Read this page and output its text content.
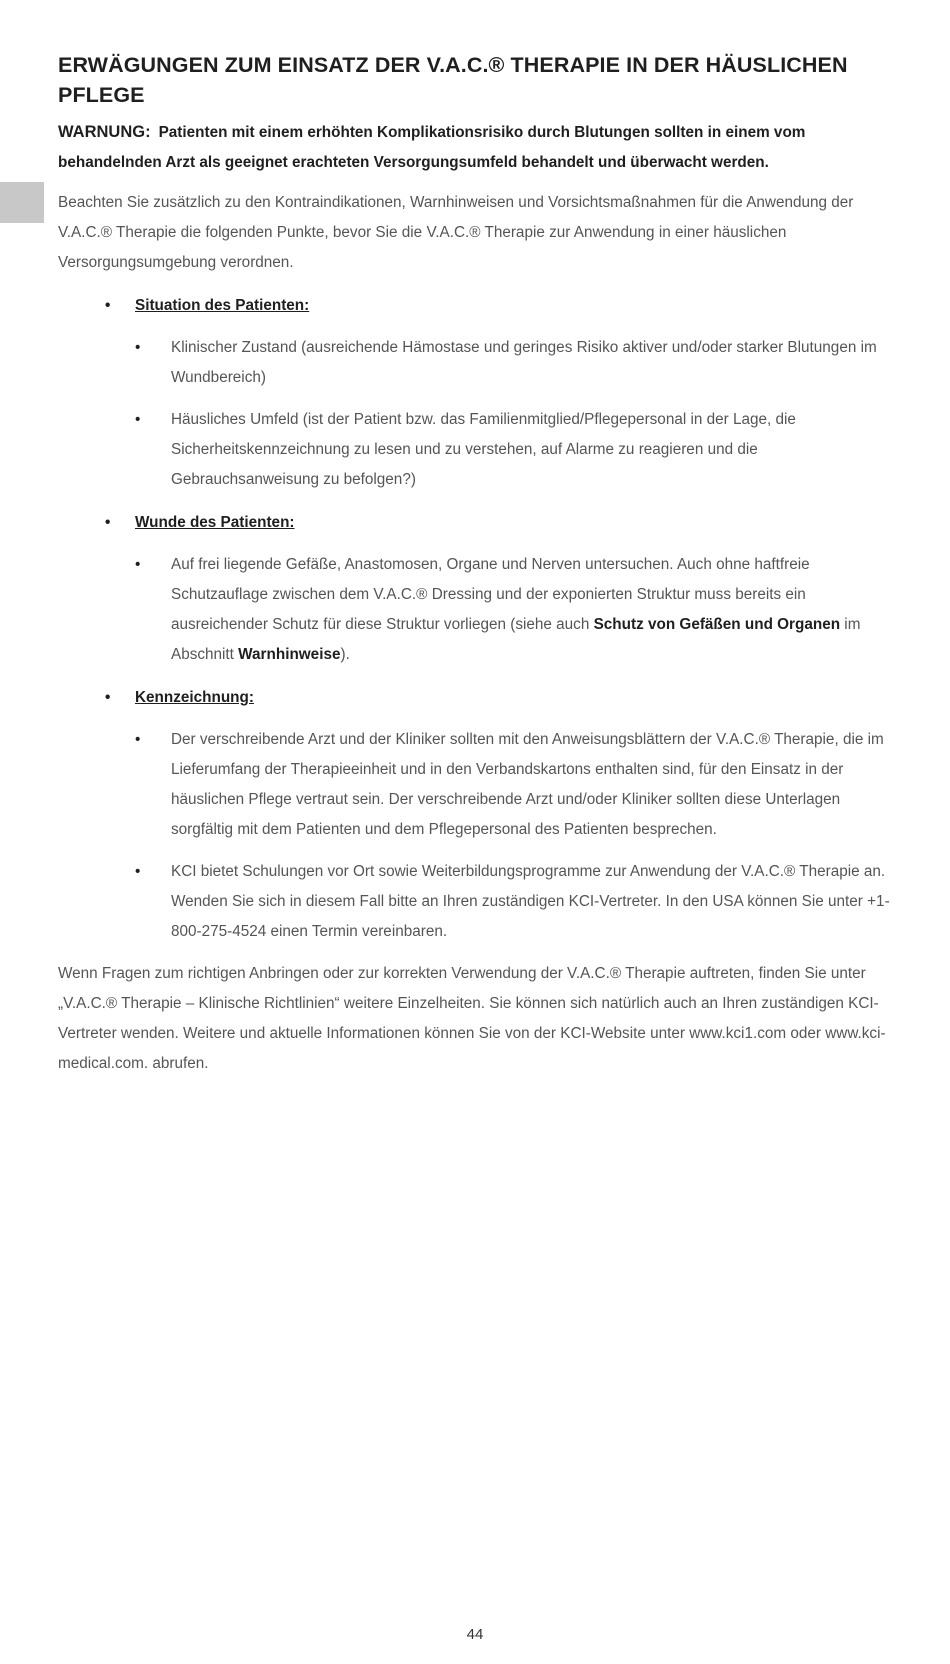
ERWÄGUNGEN ZUM EINSATZ DER V.A.C.® THERAPIE IN DER HÄUSLICHEN PFLEGE
WARNUNG: Patienten mit einem erhöhten Komplikationsrisiko durch Blutungen sollten in einem vom behandelnden Arzt als geeignet erachteten Versorgungsumfeld behandelt und überwacht werden.

Beachten Sie zusätzlich zu den Kontraindikationen, Warnhinweisen und Vorsichtsmaßnahmen für die Anwendung der V.A.C.® Therapie die folgenden Punkte, bevor Sie die V.A.C.® Therapie zur Anwendung in einer häuslichen Versorgungsumgebung verordnen.

• Situation des Patienten:
• Klinischer Zustand (ausreichende Hämostase und geringes Risiko aktiver und/oder starker Blutungen im Wundbereich)
• Häusliches Umfeld (ist der Patient bzw. das Familienmitglied/Pflegepersonal in der Lage, die Sicherheitskennzeichnung zu lesen und zu verstehen, auf Alarme zu reagieren und die Gebrauchsanweisung zu befolgen?)
• Wunde des Patienten:
• Auf frei liegende Gefäße, Anastomosen, Organe und Nerven untersuchen. Auch ohne haftfreie Schutzauflage zwischen dem V.A.C.® Dressing und der exponierten Struktur muss bereits ein ausreichender Schutz für diese Struktur vorliegen (siehe auch Schutz von Gefäßen und Organen im Abschnitt Warnhinweise).
• Kennzeichnung:
• Der verschreibende Arzt und der Kliniker sollten mit den Anweisungsblättern der V.A.C.® Therapie, die im Lieferumfang der Therapieeinheit und in den Verbandskartons enthalten sind, für den Einsatz in der häuslichen Pflege vertraut sein. Der verschreibende Arzt und/oder Kliniker sollten diese Unterlagen sorgfältig mit dem Patienten und dem Pflegepersonal des Patienten besprechen.
• KCI bietet Schulungen vor Ort sowie Weiterbildungsprogramme zur Anwendung der V.A.C.® Therapie an. Wenden Sie sich in diesem Fall bitte an Ihren zuständigen KCI-Vertreter. In den USA können Sie unter +1-800-275-4524 einen Termin vereinbaren.

Wenn Fragen zum richtigen Anbringen oder zur korrekten Verwendung der V.A.C.® Therapie auftreten, finden Sie unter „V.A.C.® Therapie – Klinische Richtlinien“ weitere Einzelheiten. Sie können sich natürlich auch an Ihren zuständigen KCI-Vertreter wenden. Weitere und aktuelle Informationen können Sie von der KCI-Website unter www.kci1.com oder www.kci-medical.com. abrufen.

44
